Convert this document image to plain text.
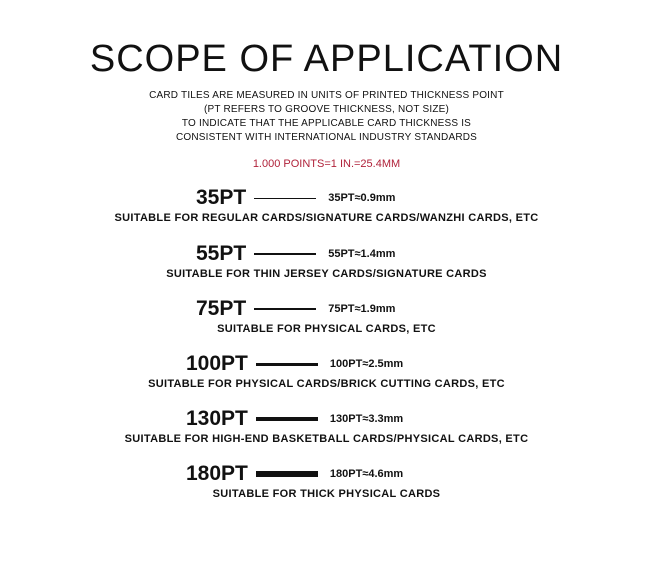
SCOPE OF APPLICATION
CARD TILES ARE MEASURED IN UNITS OF PRINTED THICKNESS POINT
(PT REFERS TO GROOVE THICKNESS, NOT SIZE)
TO INDICATE THAT THE APPLICABLE CARD THICKNESS IS
CONSISTENT WITH INTERNATIONAL INDUSTRY STANDARDS
1.000 POINTS=1 IN.=25.4MM
35PT	35PT≈0.9mm
SUITABLE FOR REGULAR CARDS/SIGNATURE CARDS/WANZHI CARDS, ETC
55PT	55PT≈1.4mm
SUITABLE FOR THIN JERSEY CARDS/SIGNATURE CARDS
75PT	75PT≈1.9mm
SUITABLE FOR PHYSICAL CARDS, ETC
100PT	100PT≈2.5mm
SUITABLE FOR PHYSICAL CARDS/BRICK CUTTING CARDS, ETC
130PT	130PT≈3.3mm
SUITABLE FOR HIGH-END BASKETBALL CARDS/PHYSICAL CARDS, ETC
180PT	180PT≈4.6mm
SUITABLE FOR THICK PHYSICAL CARDS
